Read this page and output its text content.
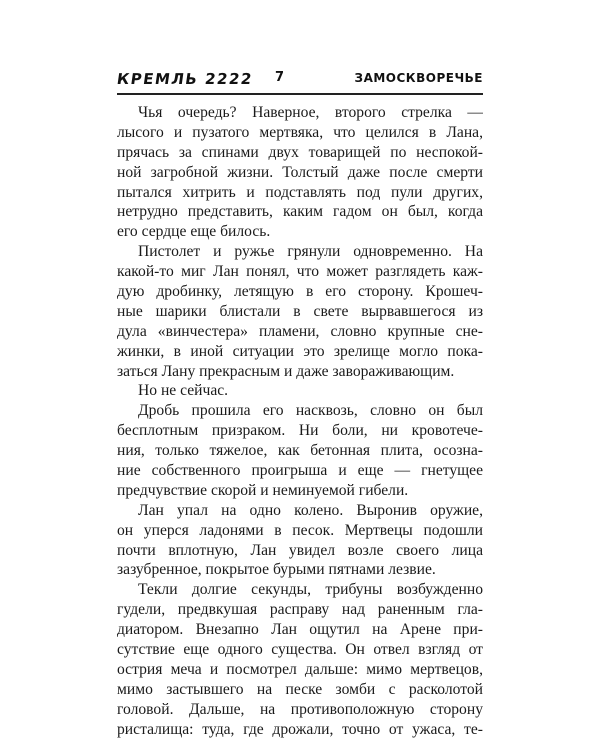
КРЕМЛЬ 2222 7	ЗАМОСКВОРЕЧЬЕ
Чья очередь? Наверное, второго стрелка —
лысого и пузатого мертвяка, что целился в Лана,
прячась за спинами двух товарищей по неспокой-
ной загробной жизни. Толстый даже после смерти
пытался хитрить и подставлять под пули других,
нетрудно представить, каким гадом он был, когда
его сердце еще билось.
Пистолет и ружье грянули одновременно. На
какой-то миг Лан понял, что может разглядеть каж-
дую дробинку, летящую в его сторону. Крошеч-
ные шарики блистали в свете вырвавшегося из
дула «винчестера» пламени, словно крупные сне-
жинки, в иной ситуации это зрелище могло пока-
заться Лану прекрасным и даже завораживающим.
Но не сейчас.
Дробь прошила его насквозь, словно он был
бесплотным призраком. Ни боли, ни кровотече-
ния, только тяжелое, как бетонная плита, осозна-
ние собственного проигрыша и еще — гнетущее
предчувствие скорой и неминуемой гибели.
Лан упал на одно колено. Выронив оружие,
он уперся ладонями в песок. Мертвецы подошли
почти вплотную, Лан увидел возле своего лица
зазубренное, покрытое бурыми пятнами лезвие.
Текли долгие секунды, трибуны возбужденно
гудели, предвкушая расправу над раненным гла-
диатором. Внезапно Лан ощутил на Арене при-
сутствие еще одного существа. Он отвел взгляд от
острия меча и посмотрел дальше: мимо мертвецов,
мимо застывшего на песке зомби с расколотой
головой. Дальше, на противоположную сторону
ристалища: туда, где дрожали, точно от ужаса, те-
